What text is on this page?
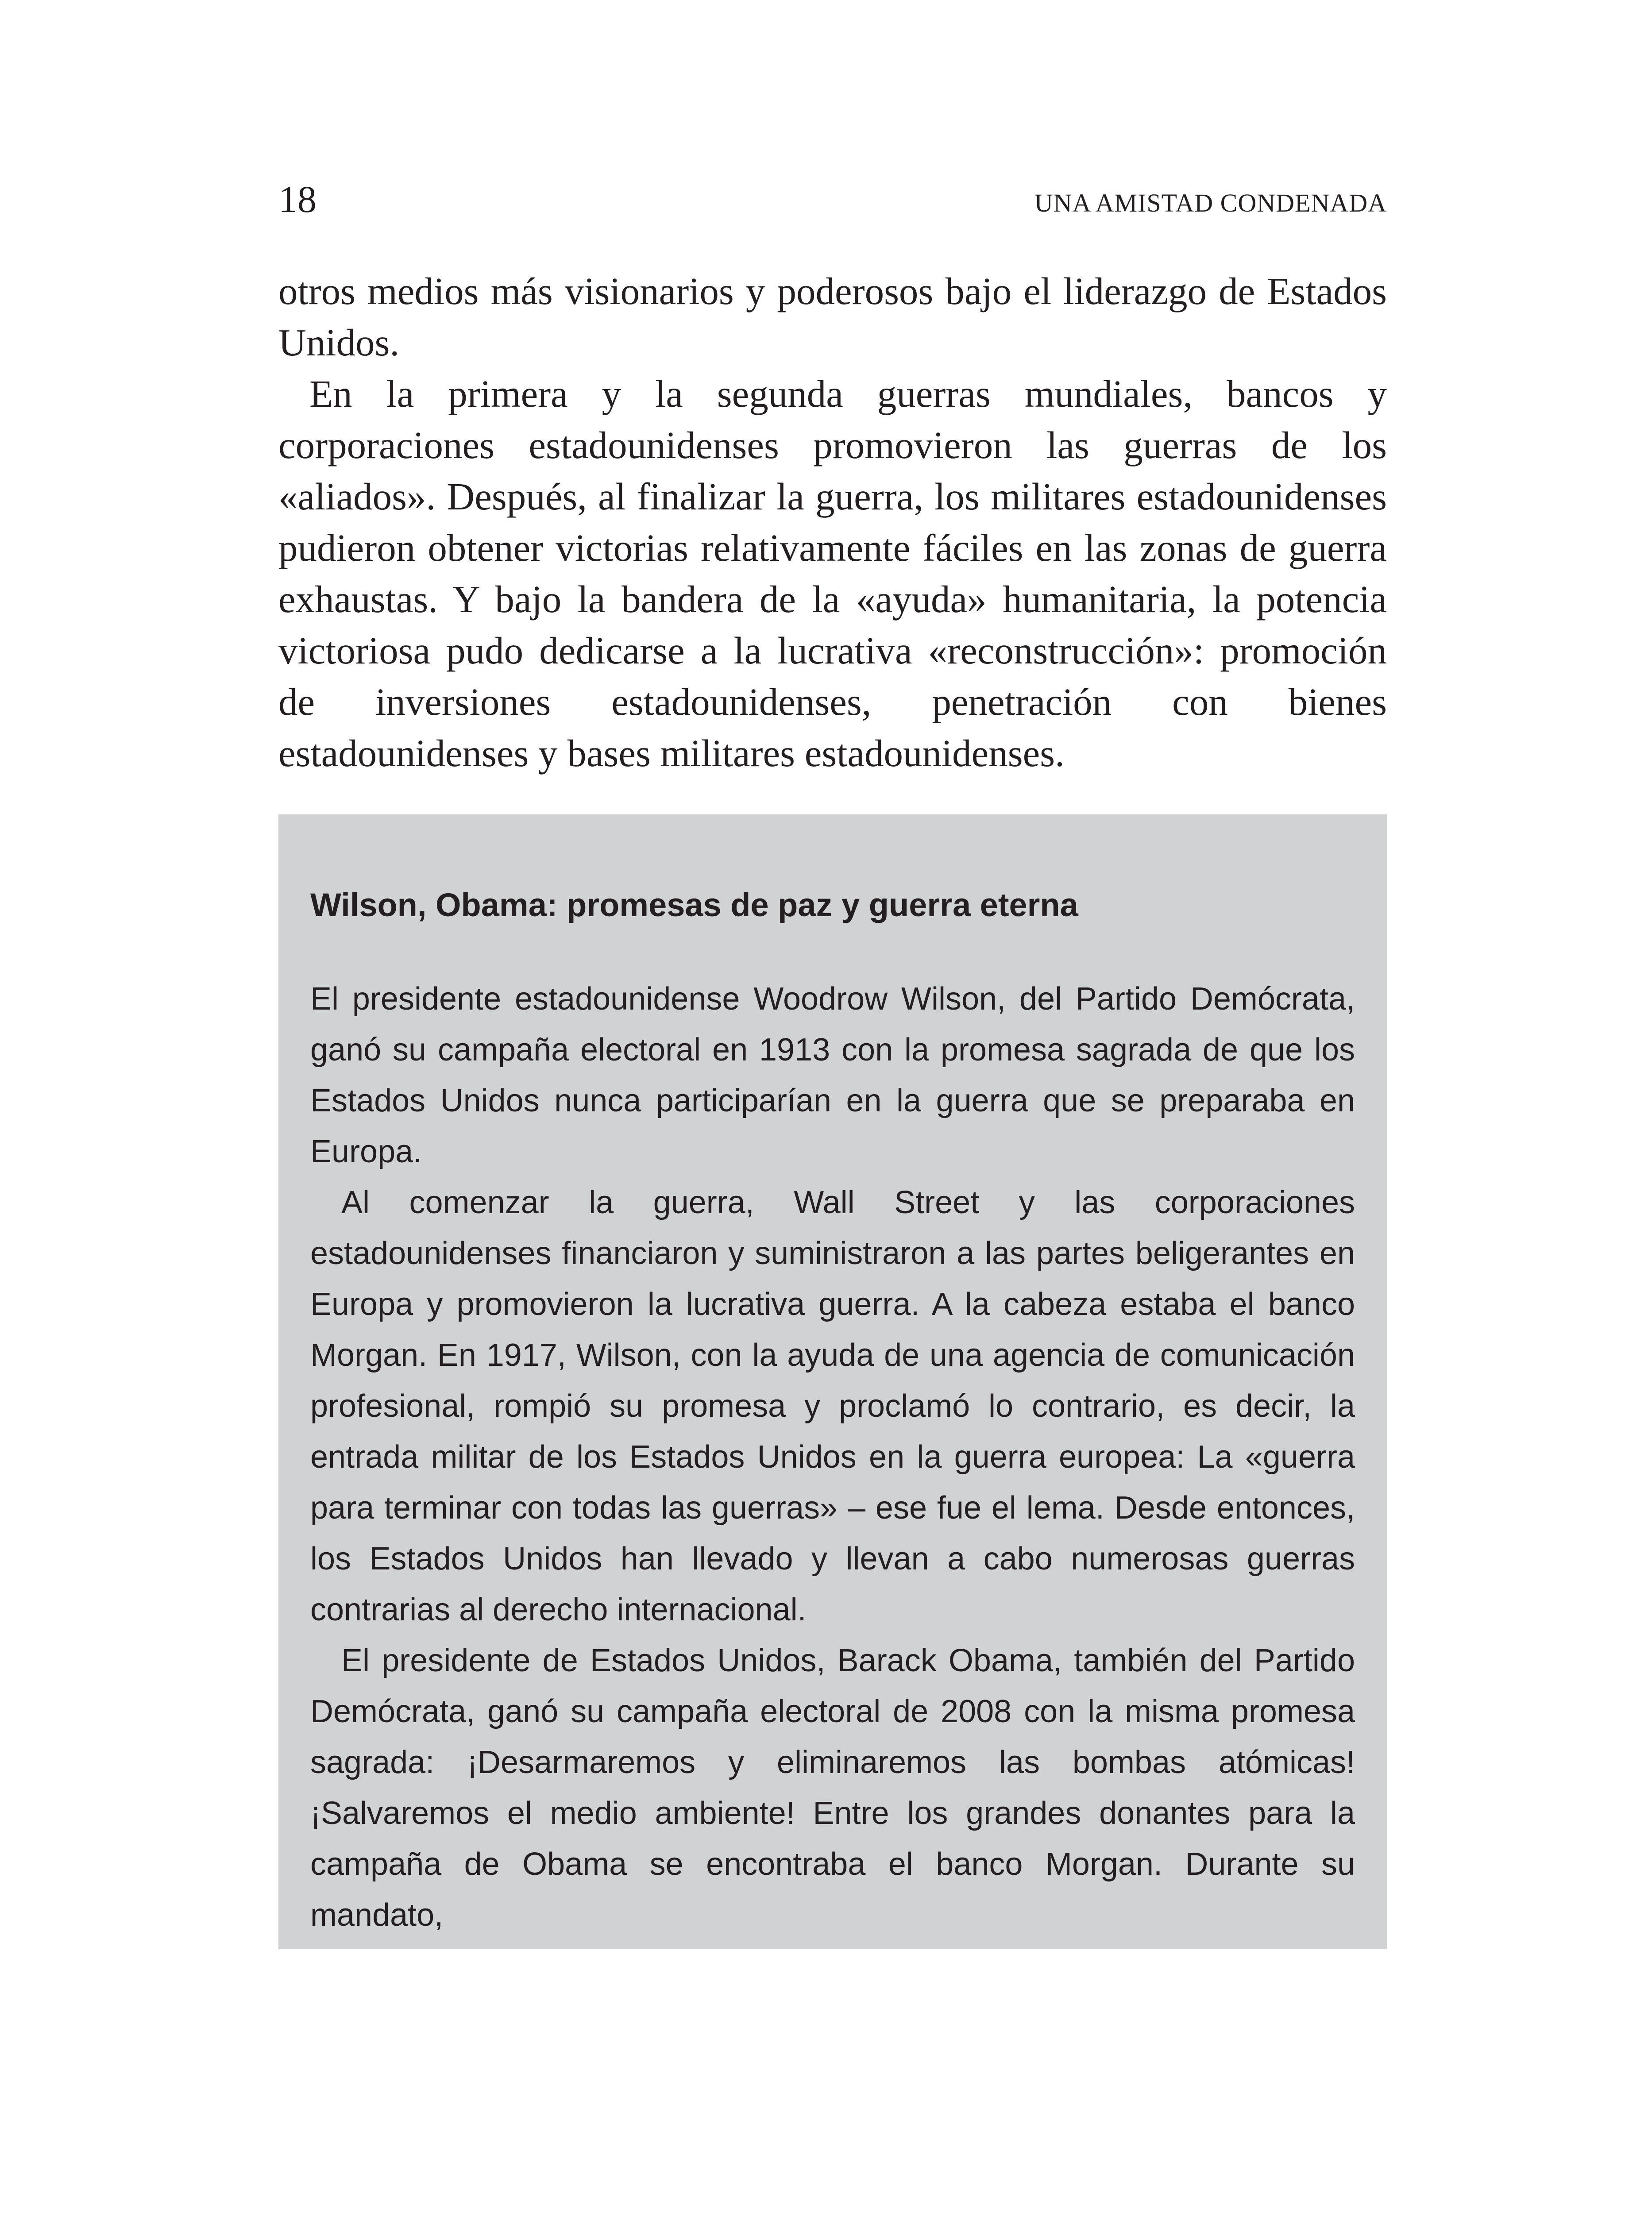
18	UNA AMISTAD CONDENADA

otros medios más visionarios y poderosos bajo el liderazgo de Estados Unidos.

En la primera y la segunda guerras mundiales, bancos y corporaciones estadounidenses promovieron las guerras de los «aliados». Después, al finalizar la guerra, los militares estadounidenses pudieron obtener victorias relativamente fáciles en las zonas de guerra exhaustas. Y bajo la bandera de la «ayuda» humanitaria, la potencia victoriosa pudo dedicarse a la lucrativa «reconstrucción»: promoción de inversiones estadounidenses, penetración con bienes estadounidenses y bases militares estadounidenses.

Wilson, Obama: promesas de paz y guerra eterna

El presidente estadounidense Woodrow Wilson, del Partido Demócrata, ganó su campaña electoral en 1913 con la promesa sagrada de que los Estados Unidos nunca participarían en la guerra que se preparaba en Europa.

Al comenzar la guerra, Wall Street y las corporaciones estadounidenses financiaron y suministraron a las partes beligerantes en Europa y promovieron la lucrativa guerra. A la cabeza estaba el banco Morgan. En 1917, Wilson, con la ayuda de una agencia de comunicación profesional, rompió su promesa y proclamó lo contrario, es decir, la entrada militar de los Estados Unidos en la guerra europea: La «guerra para terminar con todas las guerras» – ese fue el lema. Desde entonces, los Estados Unidos han llevado y llevan a cabo numerosas guerras contrarias al derecho internacional.

El presidente de Estados Unidos, Barack Obama, también del Partido Demócrata, ganó su campaña electoral de 2008 con la misma promesa sagrada: ¡Desarmaremos y eliminaremos las bombas atómicas! ¡Salvaremos el medio ambiente! Entre los grandes donantes para la campaña de Obama se encontraba el banco Morgan. Durante su mandato,
